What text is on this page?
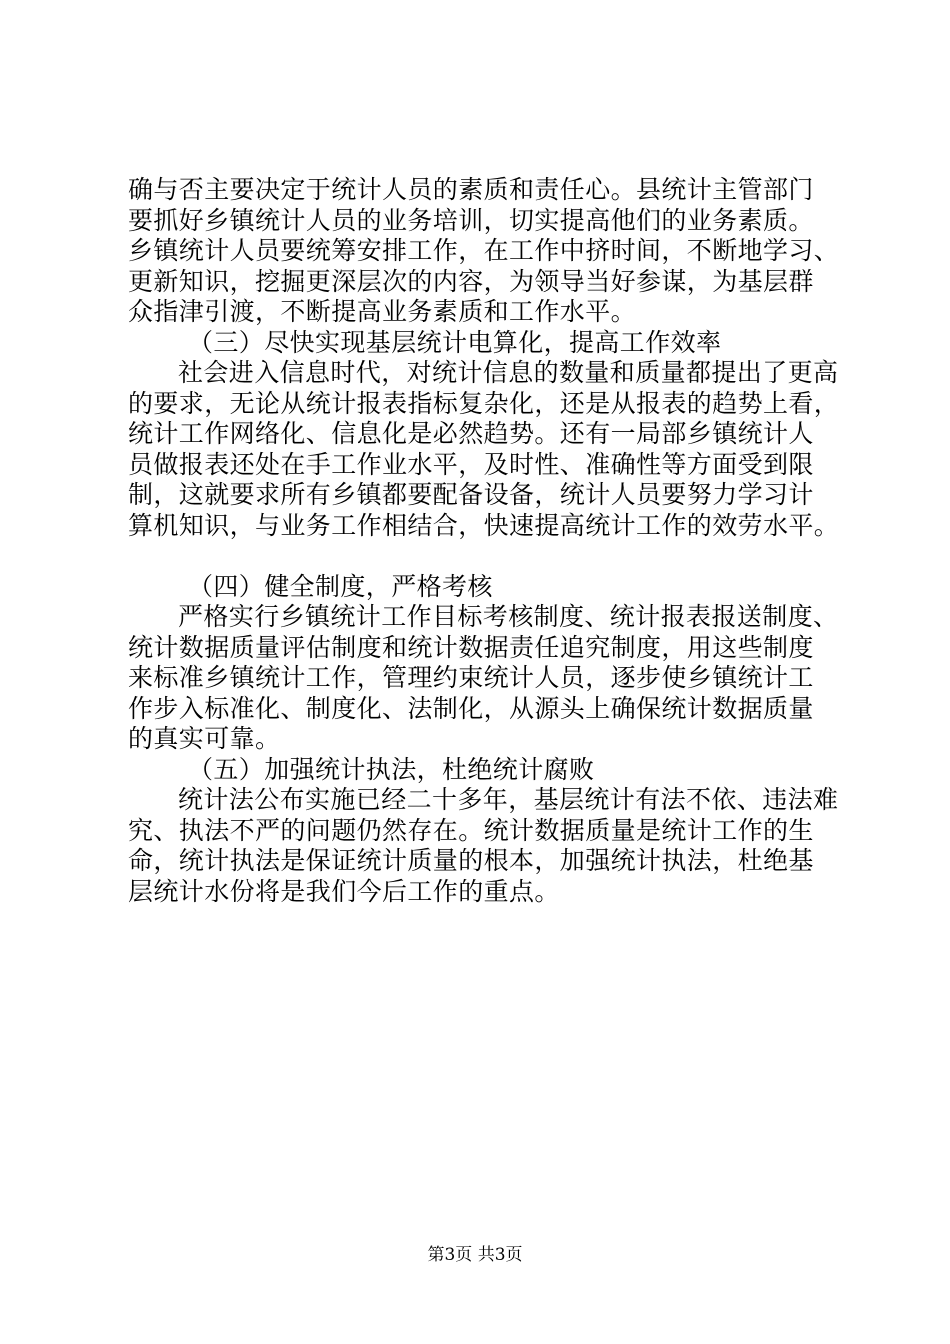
确与否主要决定于统计人员的素质和责任心。县统计主管部门
要抓好乡镇统计人员的业务培训，切实提高他们的业务素质。
乡镇统计人员要统筹安排工作，在工作中挤时间，不断地学习、
更新知识，挖掘更深层次的内容，为领导当好参谋，为基层群
众指津引渡，不断提高业务素质和工作水平。
（三）尽快实现基层统计电算化，提高工作效率
社会进入信息时代，对统计信息的数量和质量都提出了更高
的要求，无论从统计报表指标复杂化，还是从报表的趋势上看，
统计工作网络化、信息化是必然趋势。还有一局部乡镇统计人
员做报表还处在手工作业水平，及时性、准确性等方面受到限
制，这就要求所有乡镇都要配备设备，统计人员要努力学习计
算机知识，与业务工作相结合，快速提高统计工作的效劳水平。
（四）健全制度，严格考核
严格实行乡镇统计工作目标考核制度、统计报表报送制度、
统计数据质量评估制度和统计数据责任追究制度，用这些制度
来标准乡镇统计工作，管理约束统计人员，逐步使乡镇统计工
作步入标准化、制度化、法制化，从源头上确保统计数据质量
的真实可靠。
（五）加强统计执法，杜绝统计腐败
统计法公布实施已经二十多年，基层统计有法不依、违法难
究、执法不严的问题仍然存在。统计数据质量是统计工作的生
命，统计执法是保证统计质量的根本，加强统计执法，杜绝基
层统计水份将是我们今后工作的重点。
第3页 共3页
